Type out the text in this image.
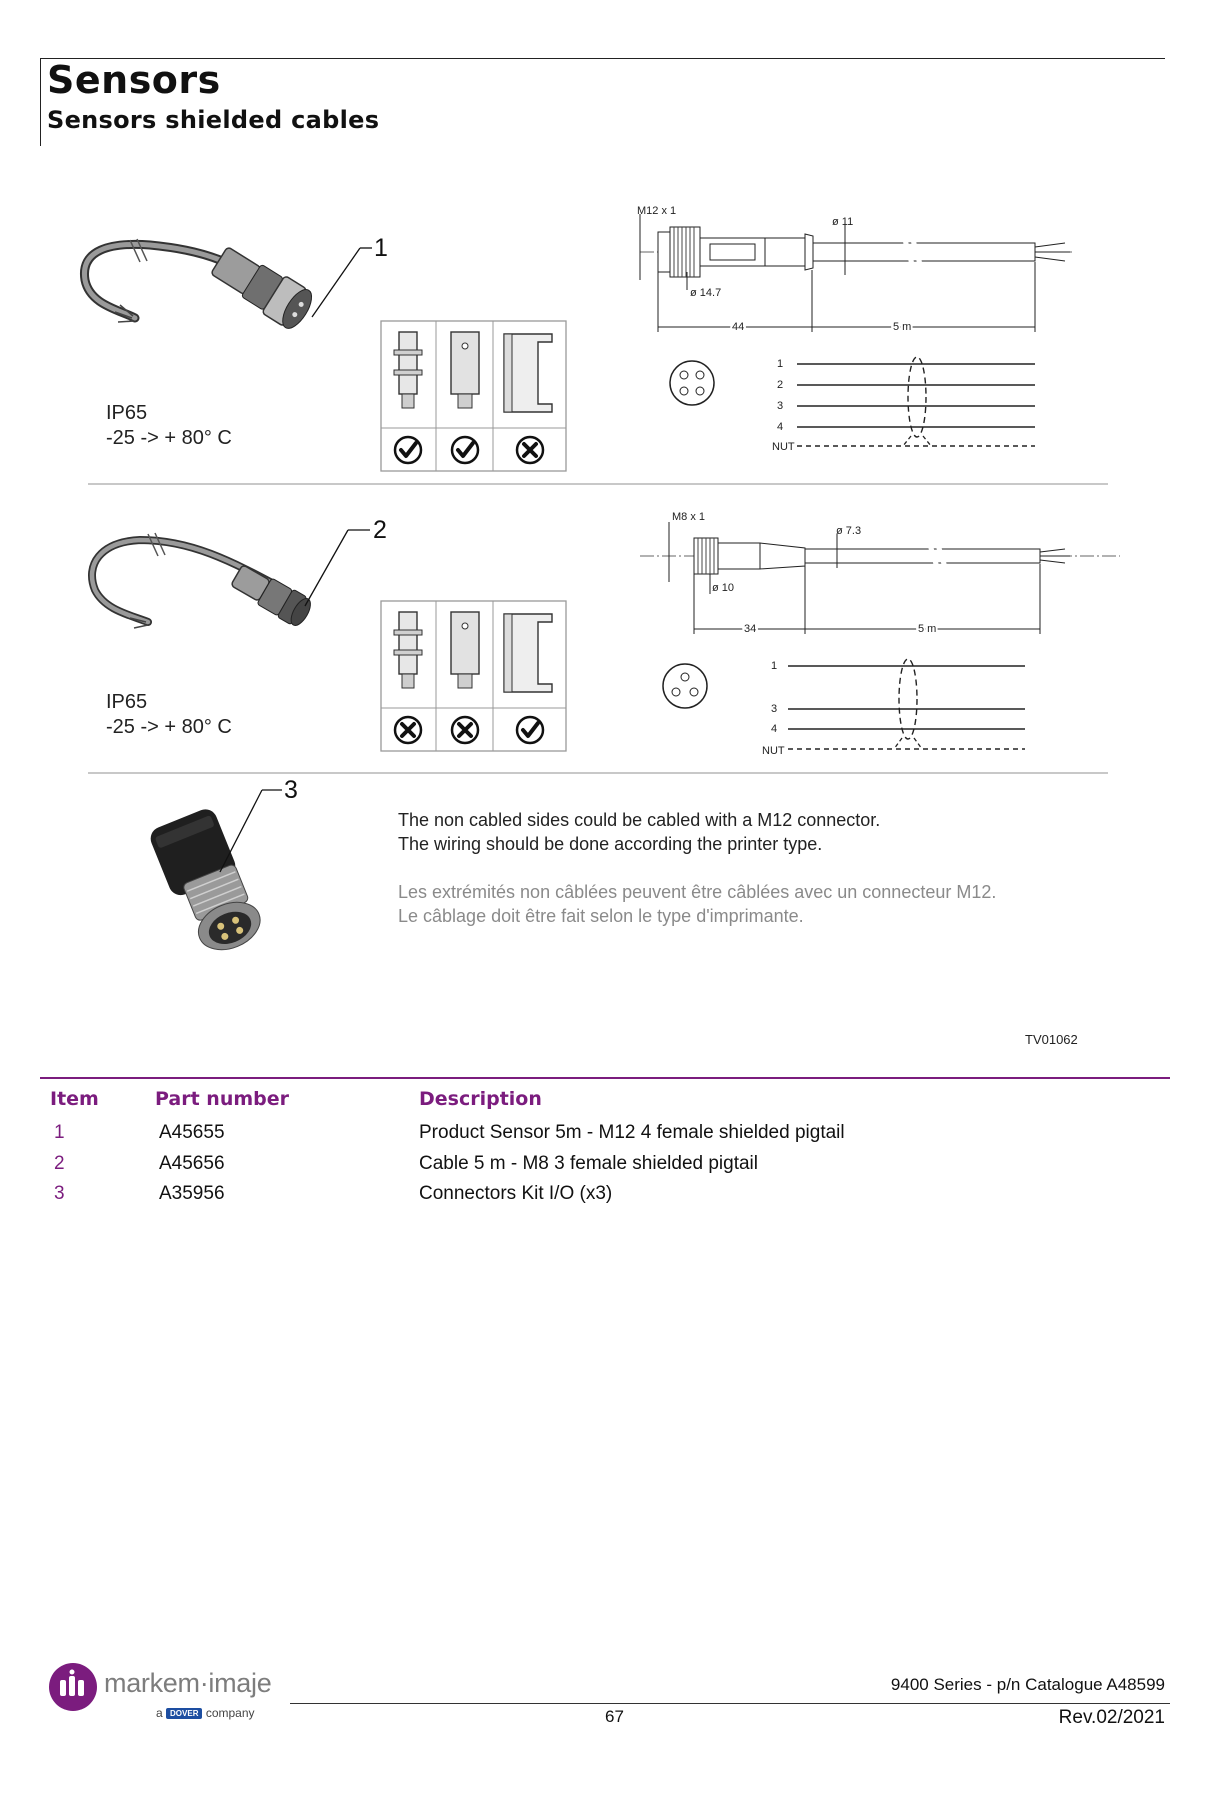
Sensors
Sensors shielded cables
1
M12 x 1
ø 11
ø 14.7
44	5 m
1
2
3
4
NUT
2	M8 x 1
ø 7.3
ø 10
34	5 m
1
3
4
NUT
3
IP65
-25 -> + 80° C
IP65
-25 -> + 80° C
The non cabled sides could be cabled with a M12 connector.
The wiring should be done according the printer type.
Les extrémités non câblées peuvent être câblées avec un connecteur M12.
Le câblage doit être fait selon le type d'imprimante.
TV01062
Item	Part number	Description
1	A45655	Product Sensor 5m - M12 4 female shielded pigtail
2	A45656	Cable 5 m - M8 3 female shielded pigtail
3	A35956	Connectors Kit I/O (x3)
markem·imaje
a DOVER company
9400 Series - p/n Catalogue A48599
67	Rev.02/2021
